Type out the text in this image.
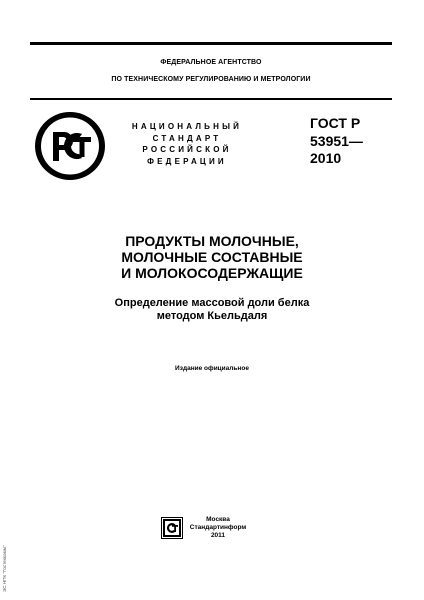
ФЕДЕРАЛЬНОЕ АГЕНТСТВО
ПО ТЕХНИЧЕСКОМУ РЕГУЛИРОВАНИЮ И МЕТРОЛОГИИ
НАЦИОНАЛЬНЫЙ
СТАНДАРТ
РОССИЙСКОЙ
ФЕДЕРАЦИИ
ГОСТ Р
53951—
2010
ПРОДУКТЫ МОЛОЧНЫЕ,
МОЛОЧНЫЕ СОСТАВНЫЕ
И МОЛОКОСОДЕРЖАЩИЕ
Определение массовой доли белка
методом Кьельдаля
Издание официальное
Москва
Стандартинформ
2011
ЭС НПК "Гостехкомм"
